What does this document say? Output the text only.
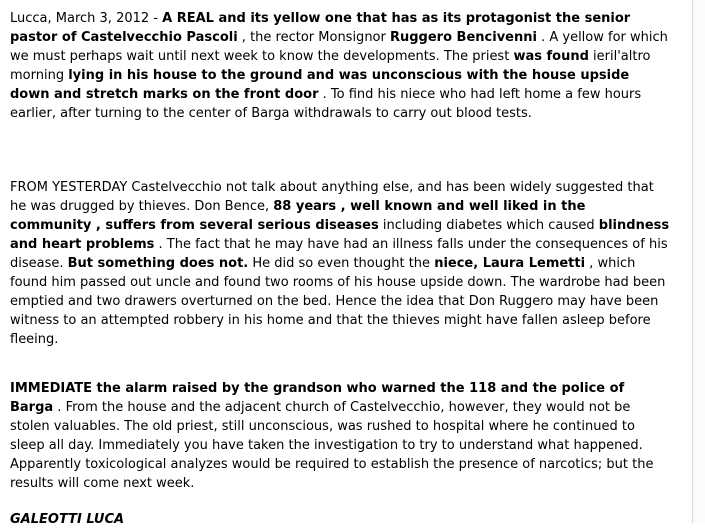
Lucca, March 3, 2012 - A REAL and its yellow one that has as its protagonist the senior pastor of Castelvecchio Pascoli , the rector Monsignor Ruggero Bencivenni . A yellow for which we must perhaps wait until next week to know the developments. The priest was found ieril'altro morning lying in his house to the ground and was unconscious with the house upside down and stretch marks on the front door . To find his niece who had left home a few hours earlier, after turning to the center of Barga withdrawals to carry out blood tests.

FROM YESTERDAY Castelvecchio not talk about anything else, and has been widely suggested that he was drugged by thieves. Don Bence, 88 years , well known and well liked in the community , suffers from several serious diseases including diabetes which caused blindness and heart problems . The fact that he may have had an illness falls under the consequences of his disease. But something does not. He did so even thought the niece, Laura Lemetti , which found him passed out uncle and found two rooms of his house upside down. The wardrobe had been emptied and two drawers overturned on the bed. Hence the idea that Don Ruggero may have been witness to an attempted robbery in his home and that the thieves might have fallen asleep before fleeing.

IMMEDIATE the alarm raised by the grandson who warned the 118 and the police of Barga . From the house and the adjacent church of Castelvecchio, however, they would not be stolen valuables. The old priest, still unconscious, was rushed to hospital where he continued to sleep all day. Immediately you have taken the investigation to try to understand what happened. Apparently toxicological analyzes would be required to establish the presence of narcotics; but the results will come next week.

GALEOTTI LUCA
